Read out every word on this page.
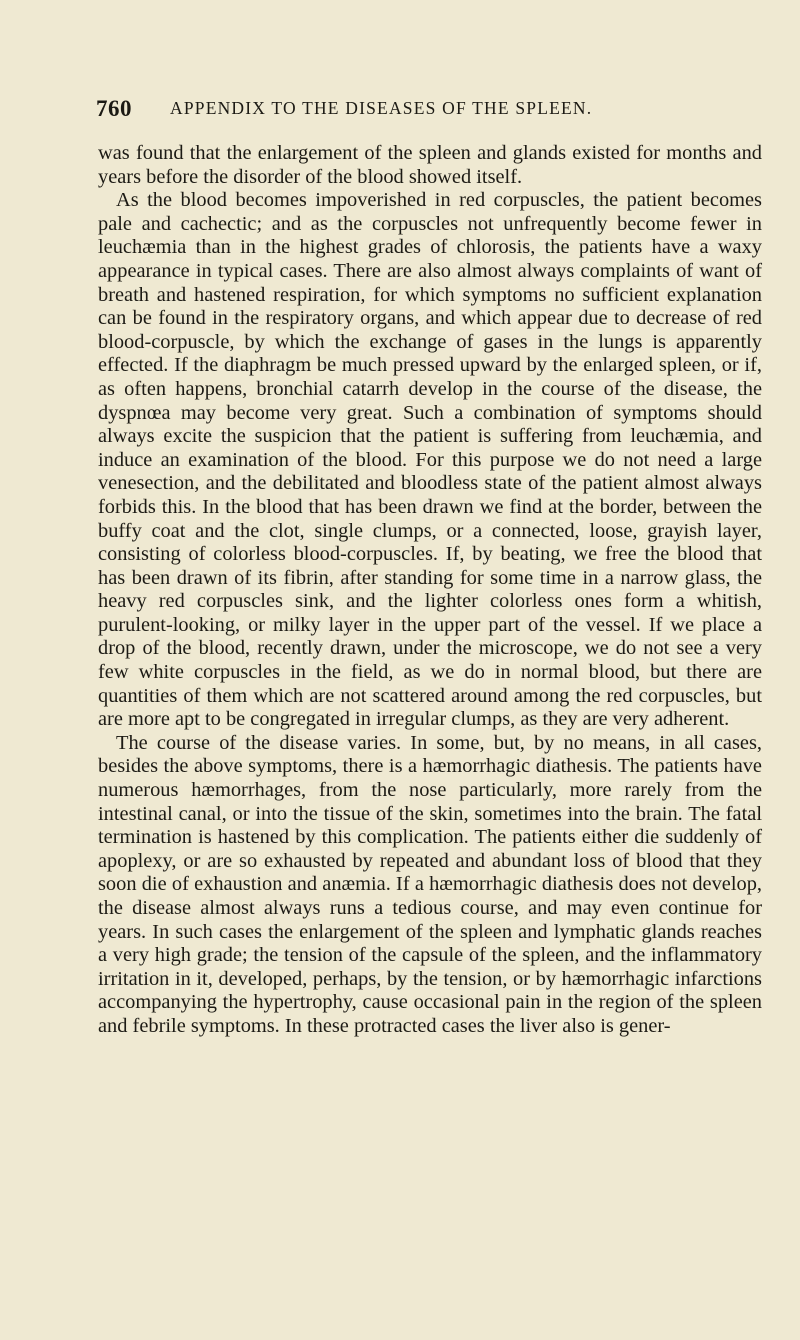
760 APPENDIX TO THE DISEASES OF THE SPLEEN.

was found that the enlargement of the spleen and glands existed for months and years before the disorder of the blood showed itself.

As the blood becomes impoverished in red corpuscles, the patient becomes pale and cachectic; and as the corpuscles not unfrequently become fewer in leuchæmia than in the highest grades of chlorosis, the patients have a waxy appearance in typical cases. There are also almost always complaints of want of breath and hastened respiration, for which symptoms no sufficient explanation can be found in the respiratory organs, and which appear due to decrease of red blood-corpuscle, by which the exchange of gases in the lungs is apparently effected. If the diaphragm be much pressed upward by the enlarged spleen, or if, as often happens, bronchial catarrh develop in the course of the disease, the dyspnœa may become very great. Such a combination of symptoms should always excite the suspicion that the patient is suffering from leuchæmia, and induce an examination of the blood. For this purpose we do not need a large venesection, and the debilitated and bloodless state of the patient almost always forbids this. In the blood that has been drawn we find at the border, between the buffy coat and the clot, single clumps, or a connected, loose, grayish layer, consisting of colorless blood-corpuscles. If, by beating, we free the blood that has been drawn of its fibrin, after standing for some time in a narrow glass, the heavy red corpuscles sink, and the lighter colorless ones form a whitish, purulent-looking, or milky layer in the upper part of the vessel. If we place a drop of the blood, recently drawn, under the microscope, we do not see a very few white corpuscles in the field, as we do in normal blood, but there are quantities of them which are not scattered around among the red corpuscles, but are more apt to be congregated in irregular clumps, as they are very adherent.

The course of the disease varies. In some, but, by no means, in all cases, besides the above symptoms, there is a hæmorrhagic diathesis. The patients have numerous hæmorrhages, from the nose particularly, more rarely from the intestinal canal, or into the tissue of the skin, sometimes into the brain. The fatal termination is hastened by this complication. The patients either die suddenly of apoplexy, or are so exhausted by repeated and abundant loss of blood that they soon die of exhaustion and anæmia. If a hæmorrhagic diathesis does not develop, the disease almost always runs a tedious course, and may even continue for years. In such cases the enlargement of the spleen and lymphatic glands reaches a very high grade; the tension of the capsule of the spleen, and the inflammatory irritation in it, developed, perhaps, by the tension, or by hæmorrhagic infarctions accompanying the hypertrophy, cause occasional pain in the region of the spleen and febrile symptoms. In these protracted cases the liver also is gener-
